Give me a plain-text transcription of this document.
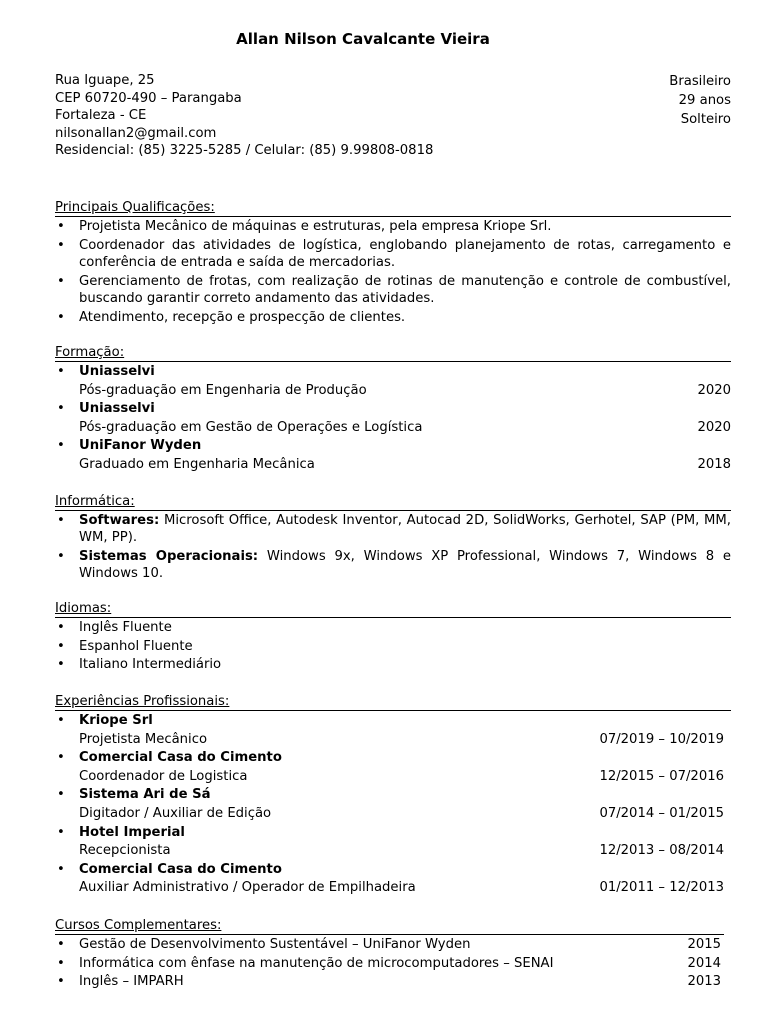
Allan Nilson Cavalcante Vieira
Rua Iguape, 25
CEP 60720-490 – Parangaba
Fortaleza - CE
nilsonallan2@gmail.com
Residencial: (85) 3225-5285 / Celular: (85) 9.99808-0818
Brasileiro
29 anos
Solteiro
Principais Qualificações:
• Projetista Mecânico de máquinas e estruturas, pela empresa Kriope Srl.
• Coordenador das atividades de logística, englobando planejamento de rotas, carregamento e conferência de entrada e saída de mercadorias.
• Gerenciamento de frotas, com realização de rotinas de manutenção e controle de combustível, buscando garantir correto andamento das atividades.
• Atendimento, recepção e prospecção de clientes.
Formação:
• Uniasselvi
Pós-graduação em Engenharia de Produção	2020
• Uniasselvi
Pós-graduação em Gestão de Operações e Logística	2020
• UniFanor Wyden
Graduado em Engenharia Mecânica	2018
Informática:
• Softwares: Microsoft Office, Autodesk Inventor, Autocad 2D, SolidWorks, Gerhotel, SAP (PM, MM, WM, PP).
• Sistemas Operacionais: Windows 9x, Windows XP Professional, Windows 7, Windows 8 e Windows 10.
Idiomas:
• Inglês Fluente
• Espanhol Fluente
• Italiano Intermediário
Experiências Profissionais:
• Kriope Srl
Projetista Mecânico	07/2019 – 10/2019
• Comercial Casa do Cimento
Coordenador de Logistica	12/2015 – 07/2016
• Sistema Ari de Sá
Digitador / Auxiliar de Edição	07/2014 – 01/2015
• Hotel Imperial
Recepcionista	12/2013 – 08/2014
• Comercial Casa do Cimento
Auxiliar Administrativo / Operador de Empilhadeira	01/2011 – 12/2013
Cursos Complementares:
• Gestão de Desenvolvimento Sustentável – UniFanor Wyden	2015
• Informática com ênfase na manutenção de microcomputadores – SENAI	2014
• Inglês – IMPARH	2013
